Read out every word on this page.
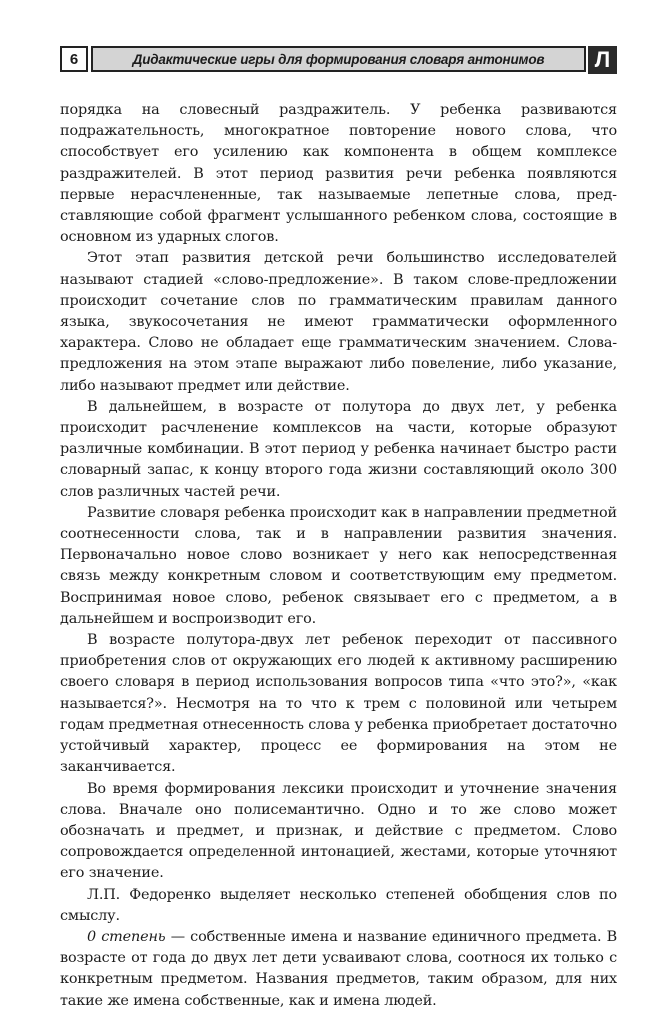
6	Дидактические игры для формирования словаря антонимов	Л

порядка на словесный раздражитель. У ребенка развиваются подражательность, многократное повторение нового слова, что способствует его усилению как компонента в общем комплексе раздражителей. В этот период развития речи ребенка появляются первые нерасчлененные, так называемые лепетные слова, представляющие собой фрагмент услышанного ребенком слова, состоящие в основном из ударных слогов.

Этот этап развития детской речи большинство исследователей называют стадией «слово-предложение». В таком слове-предложении происходит сочетание слов по грамматическим правилам данного языка, звукосочетания не имеют грамматически оформленного характера. Слово не обладает еще грамматическим значением. Слова-предложения на этом этапе выражают либо повеление, либо указание, либо называют предмет или действие.

В дальнейшем, в возрасте от полутора до двух лет, у ребенка происходит расчленение комплексов на части, которые образуют различные комбинации. В этот период у ребенка начинает быстро расти словарный запас, к концу второго года жизни составляющий около 300 слов различных частей речи.

Развитие словаря ребенка происходит как в направлении предметной соотнесенности слова, так и в направлении развития значения. Первоначально новое слово возникает у него как непосредственная связь между конкретным словом и соответствующим ему предметом. Воспринимая новое слово, ребенок связывает его с предметом, а в дальнейшем и воспроизводит его.

В возрасте полутора-двух лет ребенок переходит от пассивного приобретения слов от окружающих его людей к активному расширению своего словаря в период использования вопросов типа «что это?», «как называется?». Несмотря на то что к трем с половиной или четырем годам предметная отнесенность слова у ребенка приобретает достаточно устойчивый характер, процесс ее формирования на этом не заканчивается.

Во время формирования лексики происходит и уточнение значения слова. Вначале оно полисемантично. Одно и то же слово может обозначать и предмет, и признак, и действие с предметом. Слово сопровождается определенной интонацией, жестами, которые уточняют его значение.

Л.П. Федоренко выделяет несколько степеней обобщения слов по смыслу.

0 степень — собственные имена и название единичного предмета. В возрасте от года до двух лет дети усваивают слова, соотнося их только с конкретным предметом. Названия предметов, таким образом, для них такие же имена собственные, как и имена людей.
